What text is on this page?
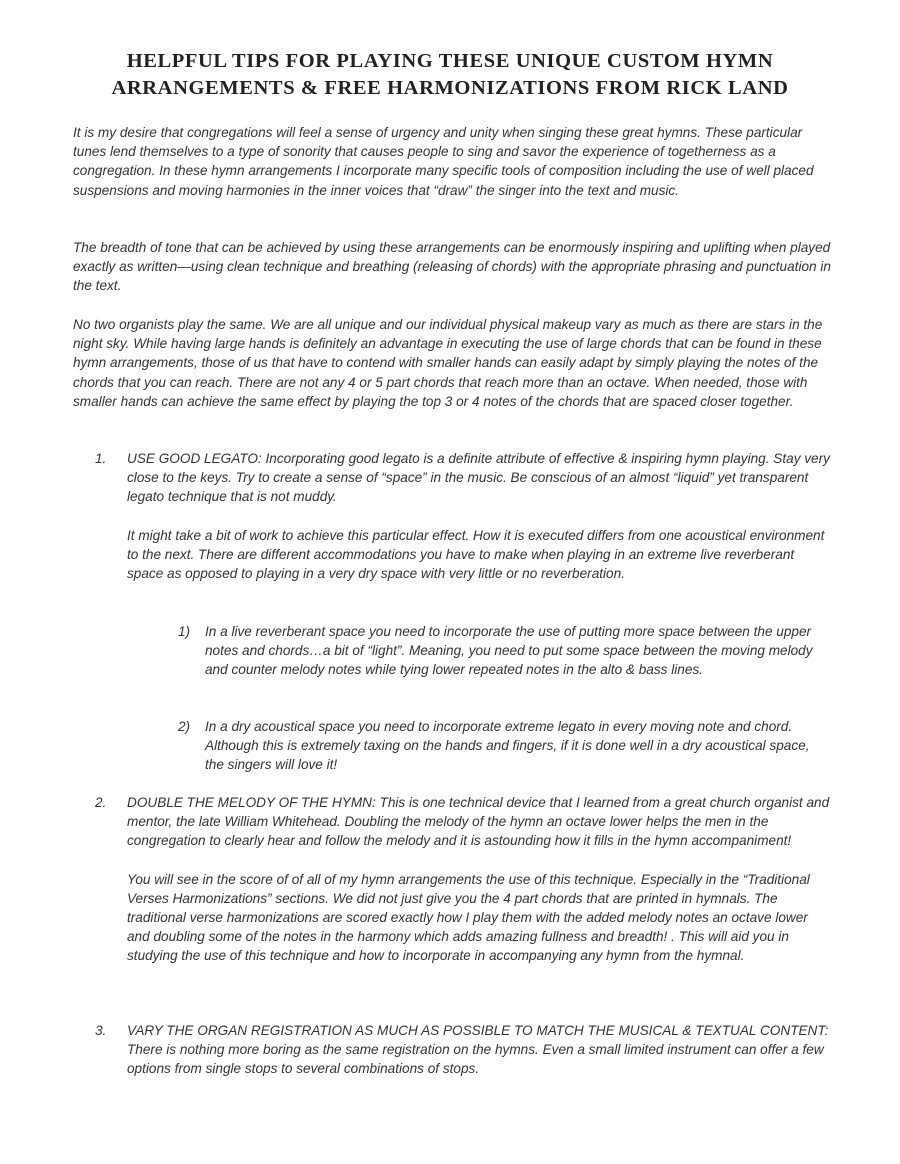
HELPFUL TIPS FOR PLAYING THESE UNIQUE CUSTOM HYMN
ARRANGEMENTS & FREE HARMONIZATIONS FROM RICK LAND

It is my desire that congregations will feel a sense of urgency and unity when singing these great hymns. These particular tunes lend themselves to a type of sonority that causes people to sing and savor the experience of togetherness as a congregation. In these hymn arrangements I incorporate many specific tools of composition including the use of well placed suspensions and moving harmonies in the inner voices that “draw” the singer into the text and music.

The breadth of tone that can be achieved by using these arrangements can be enormously inspiring and uplifting when played exactly as written—using clean technique and breathing (releasing of chords) with the appropriate phrasing and punctuation in the text.

No two organists play the same. We are all unique and our individual physical makeup vary as much as there are stars in the night sky. While having large hands is definitely an advantage in executing the use of large chords that can be found in these hymn arrangements, those of us that have to contend with smaller hands can easily adapt by simply playing the notes of the chords that you can reach. There are not any 4 or 5 part chords that reach more than an octave. When needed, those with smaller hands can achieve the same effect by playing the top 3 or 4 notes of the chords that are spaced closer together.

1.	USE GOOD LEGATO: Incorporating good legato is a definite attribute of effective & inspiring hymn playing. Stay very close to the keys. Try to create a sense of “space” in the music. Be conscious of an almost “liquid” yet transparent legato technique that is not muddy.

It might take a bit of work to achieve this particular effect. How it is executed differs from one acoustical environment to the next. There are different accommodations you have to make when playing in an extreme live reverberant space as opposed to playing in a very dry space with very little or no reverberation.

1)	In a live reverberant space you need to incorporate the use of putting more space between the upper notes and chords…a bit of “light”. Meaning, you need to put some space between the moving melody and counter melody notes while tying lower repeated notes in the alto & bass lines.
2)	In a dry acoustical space you need to incorporate extreme legato in every moving note and chord. Although this is extremely taxing on the hands and fingers, if it is done well in a dry acoustical space, the singers will love it!
2.	DOUBLE THE MELODY OF THE HYMN: This is one technical device that I learned from a great church organist and mentor, the late William Whitehead. Doubling the melody of the hymn an octave lower helps the men in the congregation to clearly hear and follow the melody and it is astounding how it fills in the hymn accompaniment!

You will see in the score of of all of my hymn arrangements the use of this technique. Especially in the “Traditional Verses Harmonizations” sections. We did not just give you the 4 part chords that are printed in hymnals. The traditional verse harmonizations are scored exactly how I play them with the added melody notes an octave lower and doubling some of the notes in the harmony which adds amazing fullness and breadth! . This will aid you in studying the use of this technique and how to incorporate in accompanying any hymn from the hymnal.

3.	VARY THE ORGAN REGISTRATION AS MUCH AS POSSIBLE TO MATCH THE MUSICAL & TEXTUAL CONTENT: There is nothing more boring as the same registration on the hymns. Even a small limited instrument can offer a few options from single stops to several combinations of stops.
